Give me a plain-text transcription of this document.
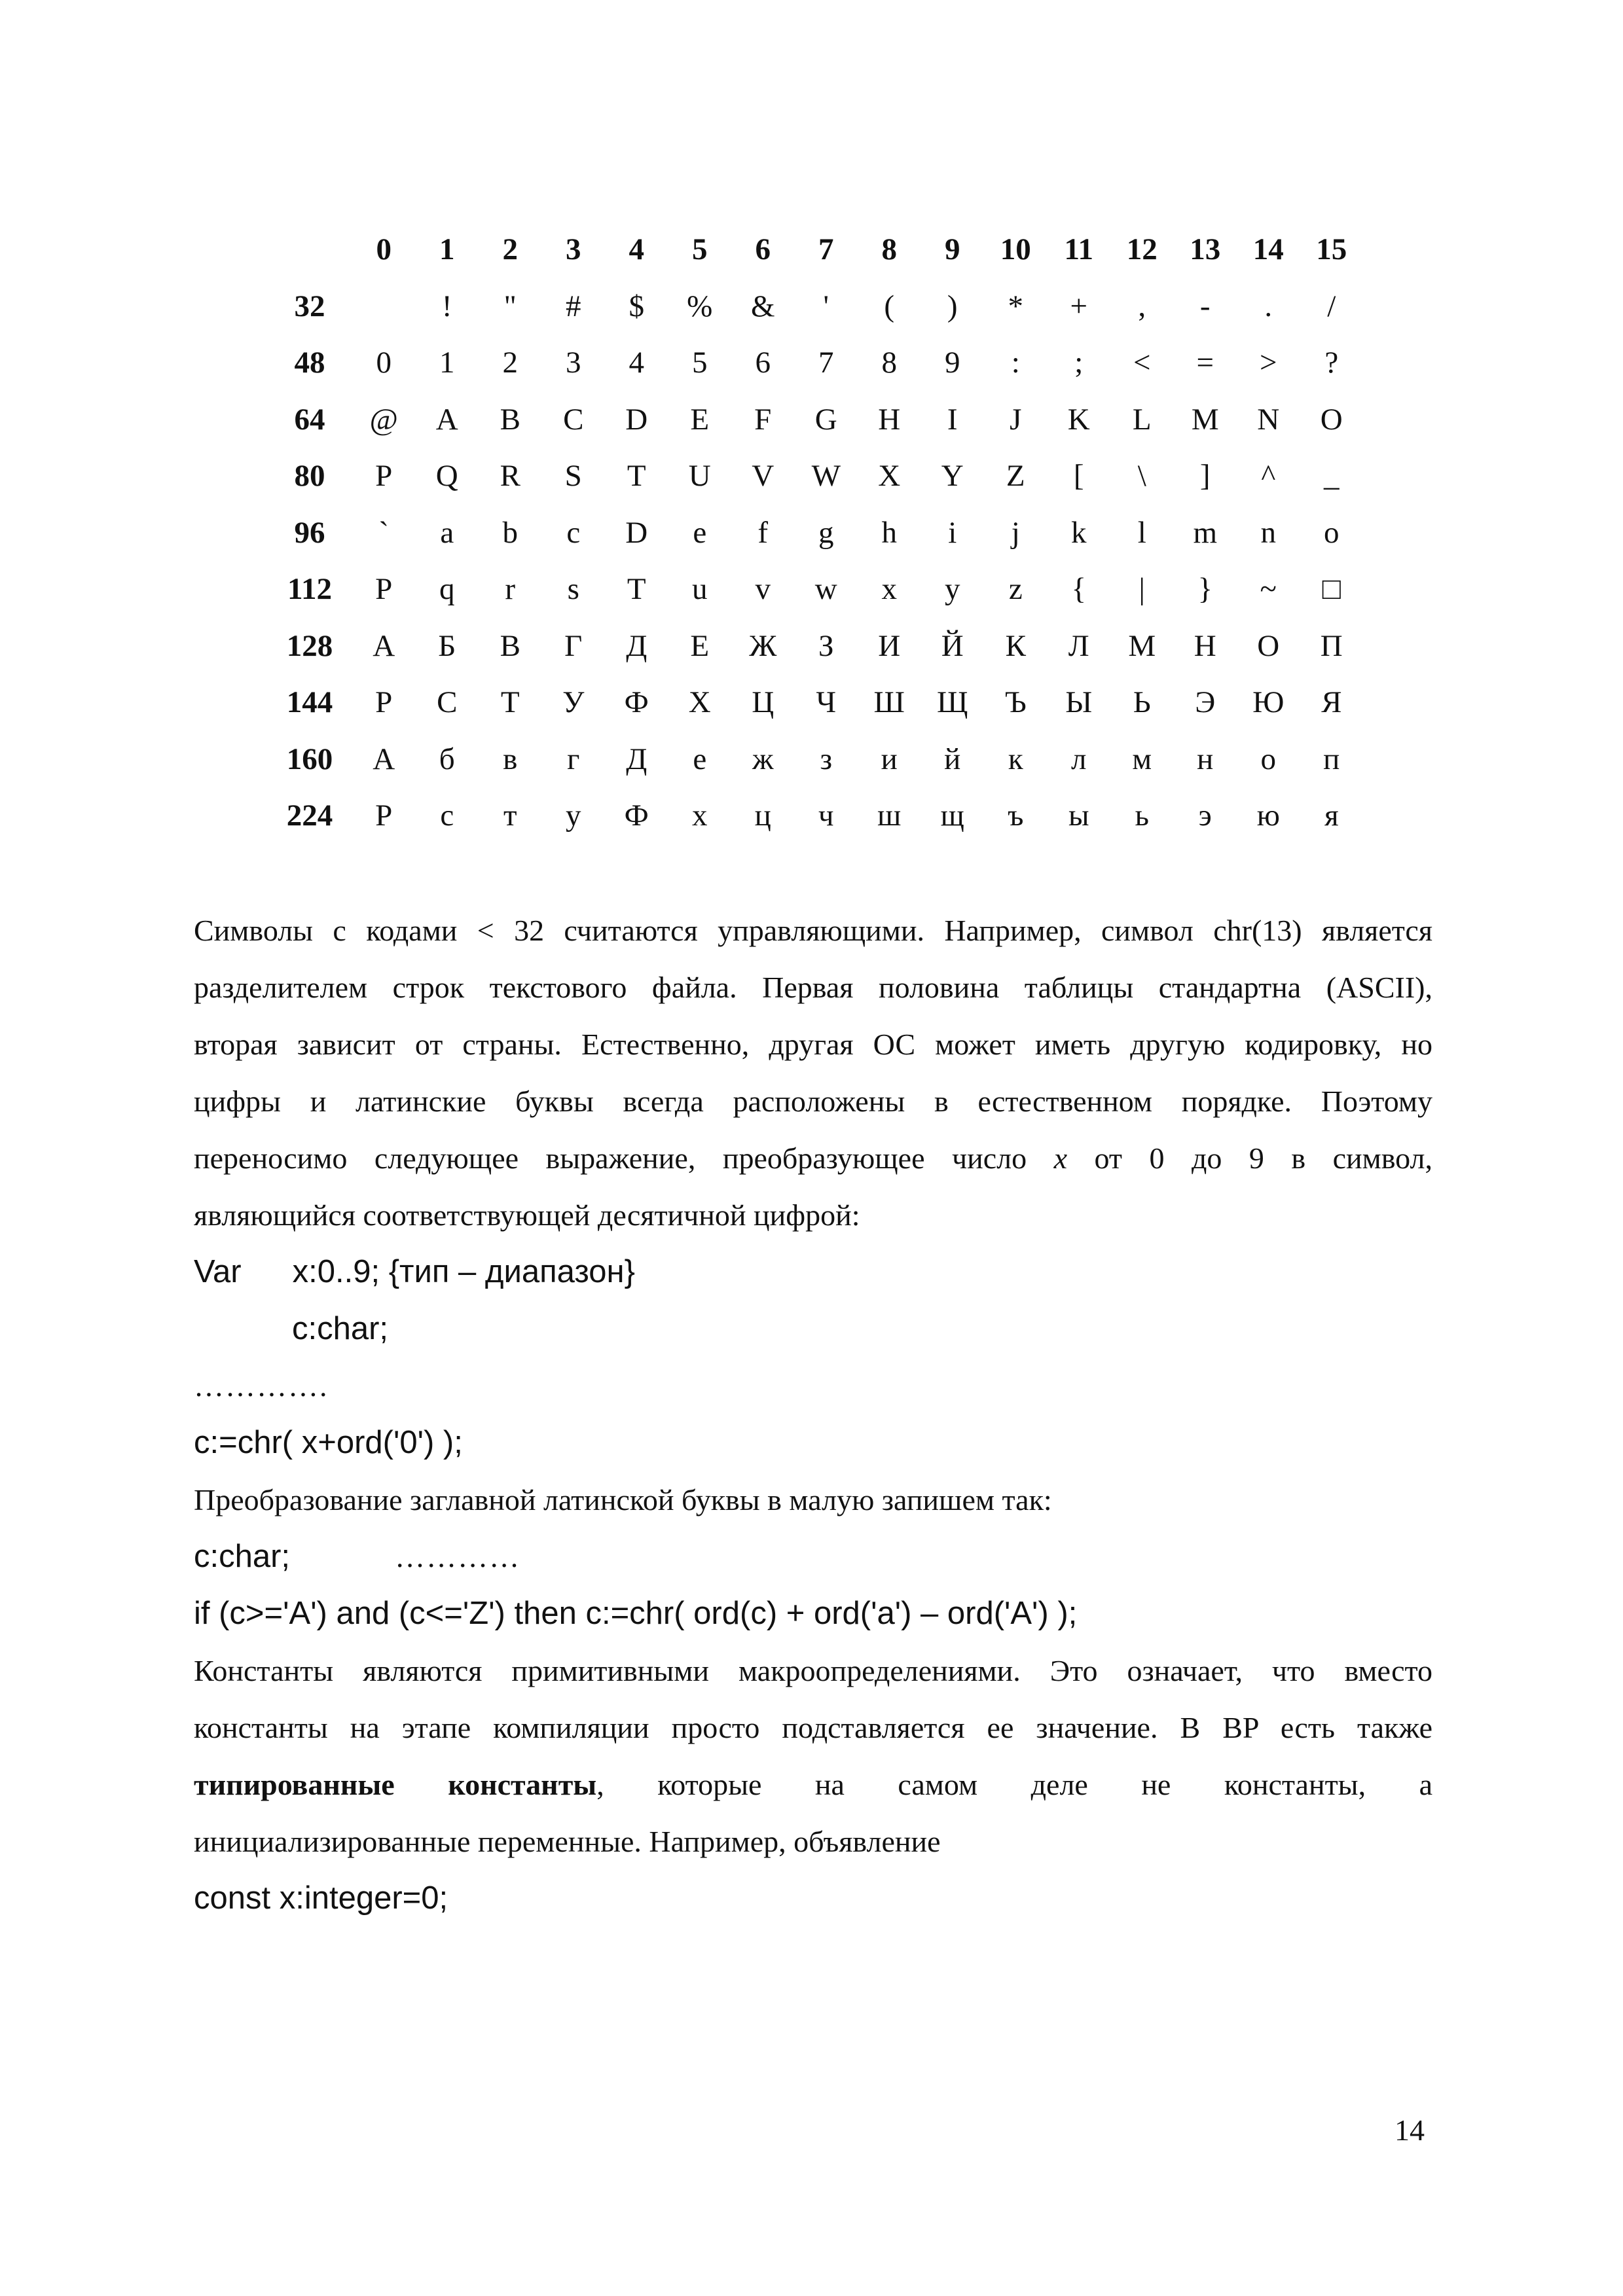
	0	1	2	3	4	5	6	7	8	9	10	11	12	13	14	15
32		!	"	#	$	%	&	'	(	)	*	+	,	-	.	/
48	0	1	2	3	4	5	6	7	8	9	:	;	<	=	>	?
64	@	A	B	C	D	E	F	G	H	I	J	K	L	M	N	O
80	P	Q	R	S	T	U	V	W	X	Y	Z	[	\	]	^	_
96	`	a	b	c	D	e	f	g	h	i	j	k	l	m	n	o
112	P	q	r	s	T	u	v	w	x	y	z	{	|	}	~	□
128	А	Б	В	Г	Д	Е	Ж	З	И	Й	К	Л	М	Н	О	П
144	Р	С	Т	У	Ф	Х	Ц	Ч	Ш	Щ	Ъ	Ы	Ь	Э	Ю	Я
160	А	б	в	г	Д	е	ж	з	и	й	к	л	м	н	о	п
224	Р	с	т	у	Ф	х	ц	ч	ш	щ	ъ	ы	ь	э	ю	я

Символы с кодами < 32 считаются управляющими. Например, символ chr(13) является

разделителем строк текстового файла. Первая половина таблицы стандартна (ASCII),

вторая зависит от страны. Естественно, другая ОС может иметь другую кодировку, но

цифры и латинские буквы всегда расположены в естественном порядке. Поэтому

переносимо следующее выражение, преобразующее число x от 0 до 9 в символ,

являющийся соответствующей десятичной цифрой:

Var x:0..9; {тип – диапазон}
c:char;
………….
c:=chr( x+ord('0') );

Преобразование заглавной латинской буквы в малую запишем так:

c:char;	…………
if (c>='A') and (c<='Z') then c:=chr( ord(c) + ord('a') – ord('A') );

Константы являются примитивными макроопределениями. Это означает, что вместо

константы на этапе компиляции просто подставляется ее значение. В BP есть также

типированные константы, которые на самом деле не константы, а

инициализированные переменные. Например, объявление

const x:integer=0;
14
